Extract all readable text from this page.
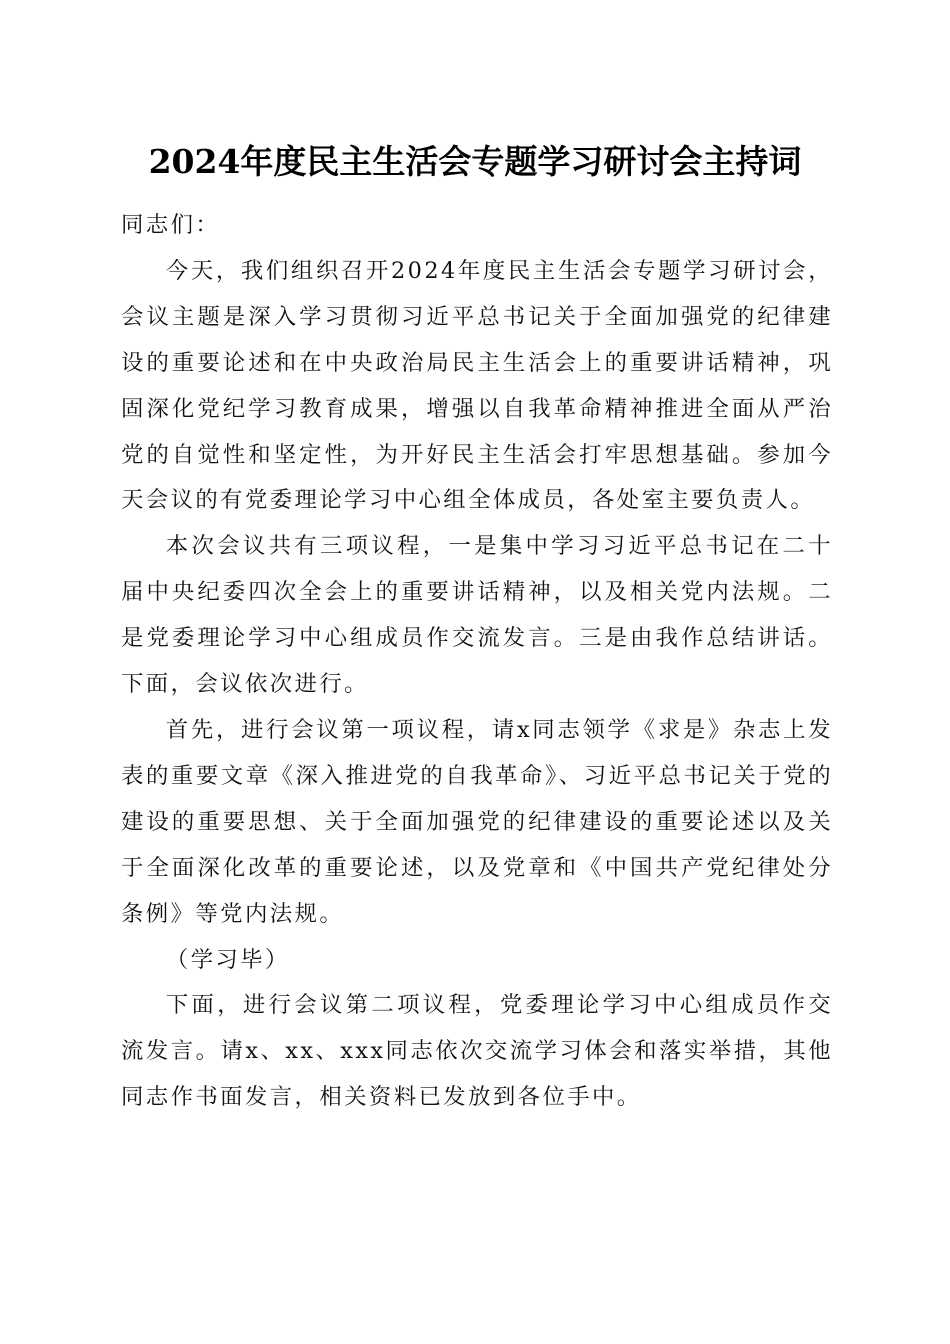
2024年度民主生活会专题学习研讨会主持词

同志们：

今天，我们组织召开2024年度民主生活会专题学习研讨会，会议主题是深入学习贯彻习近平总书记关于全面加强党的纪律建设的重要论述和在中央政治局民主生活会上的重要讲话精神，巩固深化党纪学习教育成果，增强以自我革命精神推进全面从严治党的自觉性和坚定性，为开好民主生活会打牢思想基础。参加今天会议的有党委理论学习中心组全体成员，各处室主要负责人。

本次会议共有三项议程，一是集中学习习近平总书记在二十届中央纪委四次全会上的重要讲话精神，以及相关党内法规。二是党委理论学习中心组成员作交流发言。三是由我作总结讲话。下面，会议依次进行。

首先，进行会议第一项议程，请x同志领学《求是》杂志上发表的重要文章《深入推进党的自我革命》、习近平总书记关于党的建设的重要思想、关于全面加强党的纪律建设的重要论述以及关于全面深化改革的重要论述，以及党章和《中国共产党纪律处分条例》等党内法规。

（学习毕）

下面，进行会议第二项议程，党委理论学习中心组成员作交流发言。请x、xx、xxx同志依次交流学习体会和落实举措，其他同志作书面发言，相关资料已发放到各位手中。
